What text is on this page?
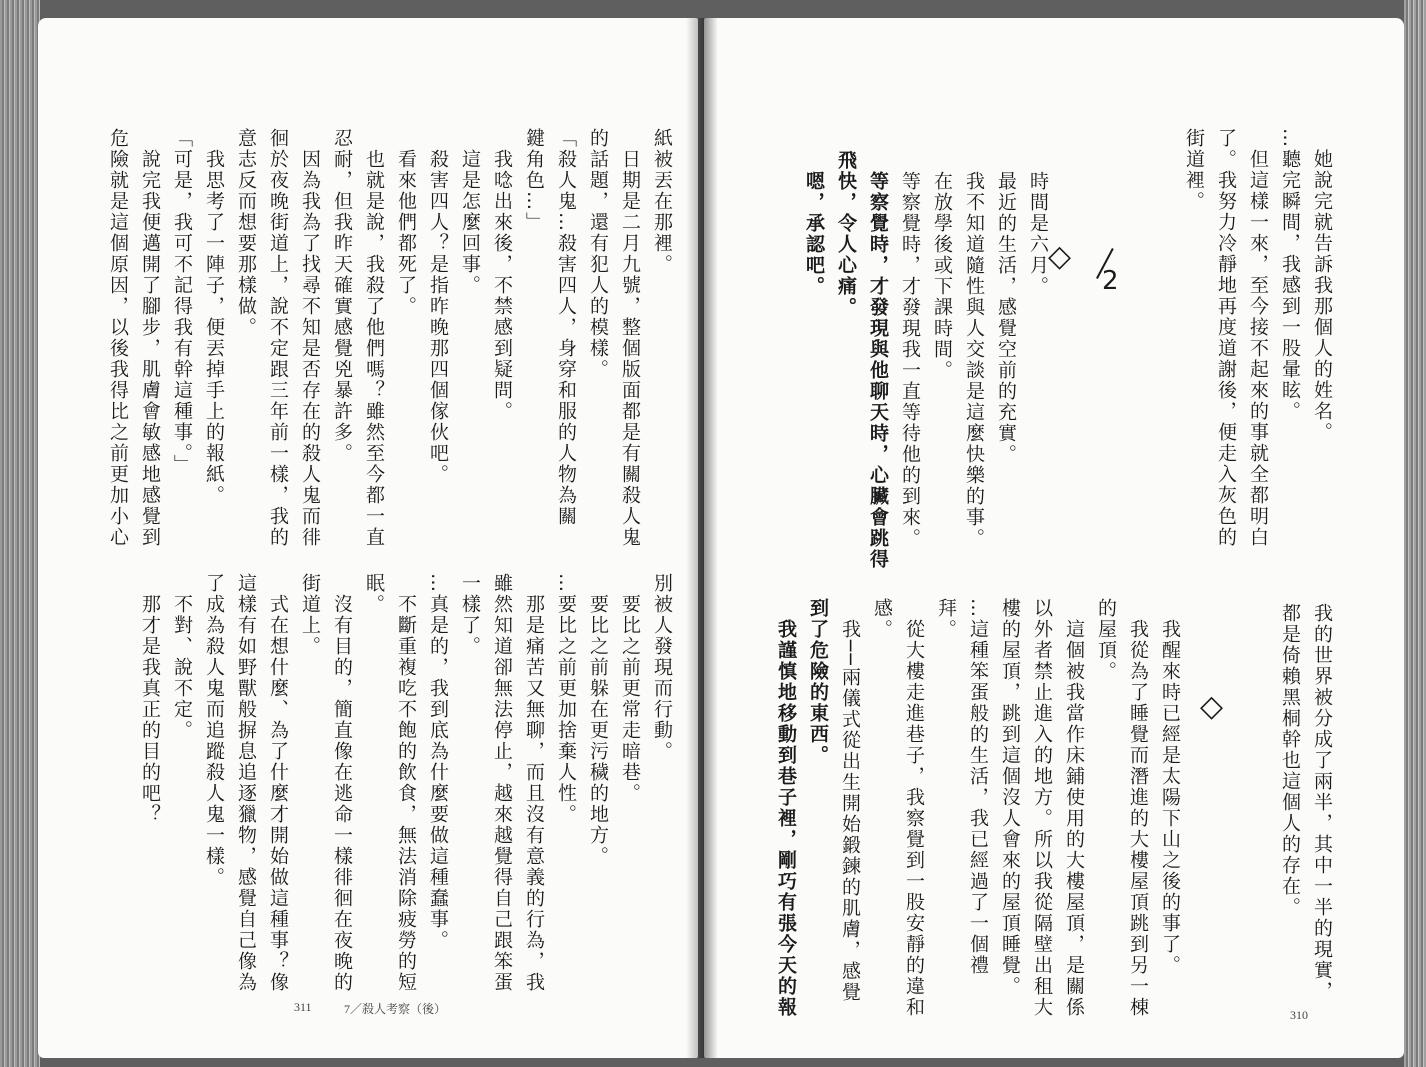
紙被丟在那裡。
　日期是二月九號，整個版面都是有關殺人鬼
的話題，還有犯人的模樣。
「殺人鬼…殺害四人，身穿和服的人物為關
鍵角色…」
　我唸出來後，不禁感到疑問。
　這是怎麼回事。
　殺害四人？是指昨晚那四個傢伙吧。
　看來他們都死了。
　也就是說，我殺了他們嗎？雖然至今都一直
忍耐，但我昨天確實感覺兇暴許多。
　因為我為了找尋不知是否存在的殺人鬼而徘
徊於夜晚街道上，說不定跟三年前一樣，我的
意志反而想要那樣做。
　我思考了一陣子，便丟掉手上的報紙。
「可是，我可不記得我有幹這種事。」
　說完我便邁開了腳步，肌膚會敏感地感覺到
危險就是這個原因，以後我得比之前更加小心
別被人發現而行動。
　要比之前更常走暗巷。
　要比之前躲在更污穢的地方。
…要比之前更加捨棄人性。
　那是痛苦又無聊，而且沒有意義的行為，我
雖然知道卻無法停止，越來越覺得自己跟笨蛋
一樣了。
…真是的，我到底為什麼要做這種蠢事。
　不斷重複吃不飽的飲食，無法消除疲勞的短
眠。
　沒有目的，簡直像在逃命一樣徘徊在夜晚的
街道上。
　式在想什麼、為了什麼才開始做這種事？像
這樣有如野獸般摒息追逐獵物，感覺自己像為
了成為殺人鬼而追蹤殺人鬼一樣。
　不對、說不定。
　那才是我真正的目的吧？

311	7／殺人考察（後）
　她說完就告訴我那個人的姓名。
…聽完瞬間，我感到一股暈眩。
　但這樣一來，至今接不起來的事就全都明白
了。我努力冷靜地再度道謝後，便走入灰色的
街道裡。
2
◇
　時間是六月。
　最近的生活，感覺空前的充實。
　我不知道隨性與人交談是這麼快樂的事。
　在放學後或下課時間。
　等察覺時，才發現我一直等待他的到來。
　等察覺時，才發現與他聊天時，心臟會跳得
飛快，令人心痛。
　嗯，承認吧。
我的世界被分成了兩半，其中一半的現實，
都是倚賴黑桐幹也這個人的存在。
◇
　我醒來時已經是太陽下山之後的事了。
　我從為了睡覺而潛進的大樓屋頂跳到另一棟
的屋頂。
　這個被我當作床鋪使用的大樓屋頂，是關係
以外者禁止進入的地方。所以我從隔壁出租大
樓的屋頂，跳到這個沒人會來的屋頂睡覺。
…這種笨蛋般的生活，我已經過了一個禮
拜。
　從大樓走進巷子，我察覺到一股安靜的違和
感。
　我──兩儀式從出生開始鍛鍊的肌膚，感覺
到了危險的東西。
　我謹慎地移動到巷子裡，剛巧有張今天的報	310
